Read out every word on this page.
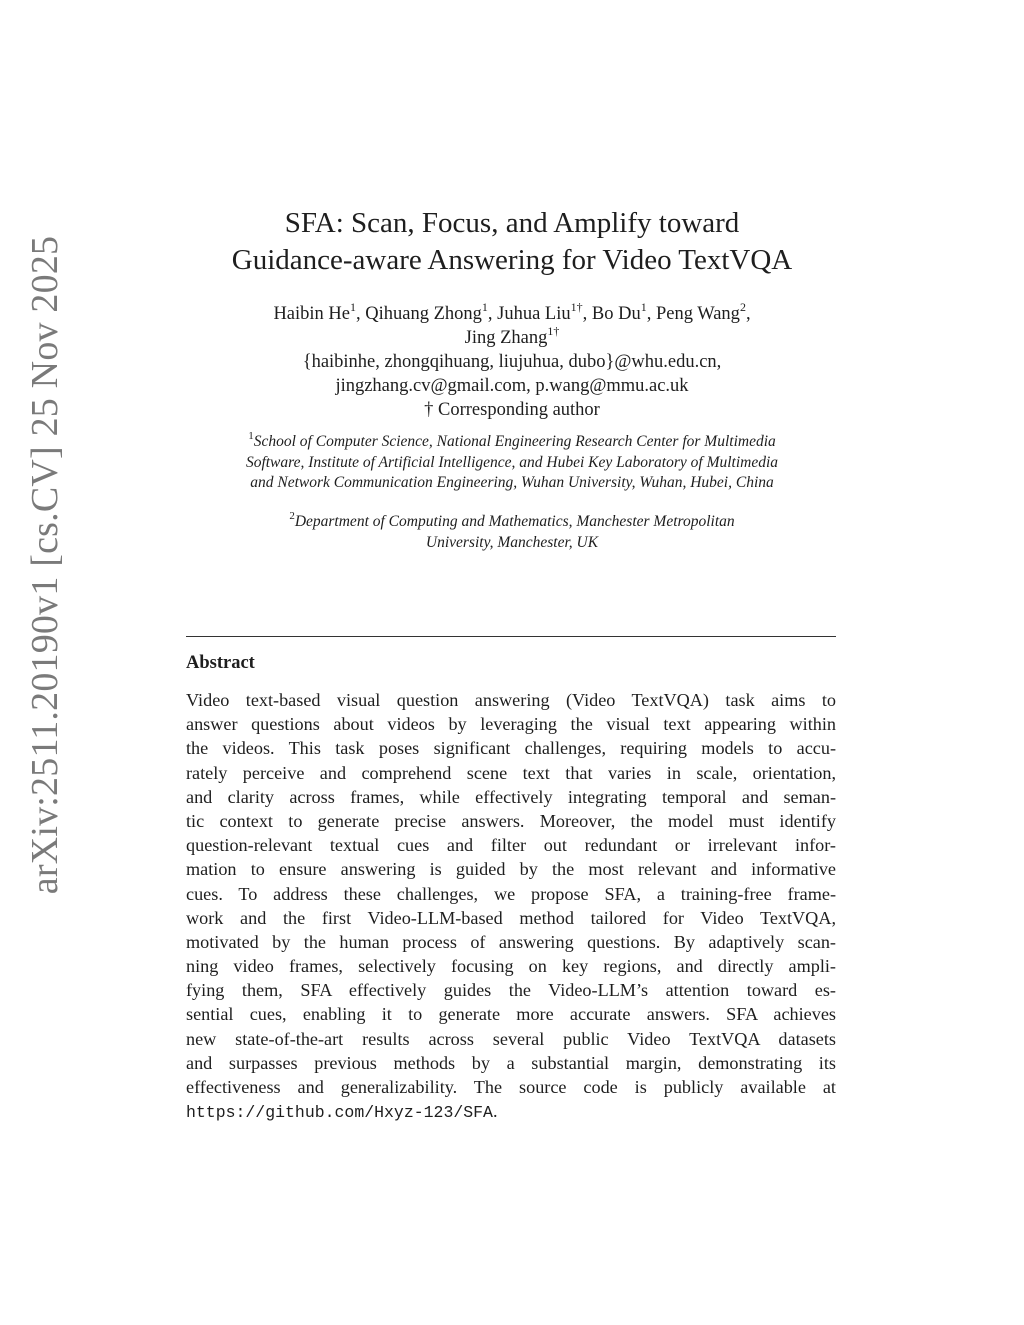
arXiv:2511.20190v1 [cs.CV] 25 Nov 2025
SFA: Scan, Focus, and Amplify toward
Guidance-aware Answering for Video TextVQA
Haibin He$^1$, Qihuang Zhong$^1$, Juhua Liu$^{1\dagger}$, Bo Du$^1$, Peng Wang$^2$,
Jing Zhang$^{1\dagger}$
{haibinhe, zhongqihuang, liujuhua, dubo}@whu.edu.cn,
jingzhang.cv@gmail.com, p.wang@mmu.ac.uk
† Corresponding author
$^1$School of Computer Science, National Engineering Research Center for Multimedia
Software, Institute of Artificial Intelligence, and Hubei Key Laboratory of Multimedia
and Network Communication Engineering, Wuhan University, Wuhan, Hubei, China
$^2$Department of Computing and Mathematics, Manchester Metropolitan
University, Manchester, UK
Abstract
Video text-based visual question answering (Video TextVQA) task aims to
answer questions about videos by leveraging the visual text appearing within
the videos. This task poses significant challenges, requiring models to accu-
rately perceive and comprehend scene text that varies in scale, orientation,
and clarity across frames, while effectively integrating temporal and seman-
tic context to generate precise answers. Moreover, the model must identify
question-relevant textual cues and filter out redundant or irrelevant infor-
mation to ensure answering is guided by the most relevant and informative
cues. To address these challenges, we propose SFA, a training-free frame-
work and the first Video-LLM-based method tailored for Video TextVQA,
motivated by the human process of answering questions. By adaptively scan-
ning video frames, selectively focusing on key regions, and directly ampli-
fying them, SFA effectively guides the Video-LLM’s attention toward es-
sential cues, enabling it to generate more accurate answers. SFA achieves
new state-of-the-art results across several public Video TextVQA datasets
and surpasses previous methods by a substantial margin, demonstrating its
effectiveness and generalizability. The source code is publicly available at
https://github.com/Hxyz-123/SFA.
